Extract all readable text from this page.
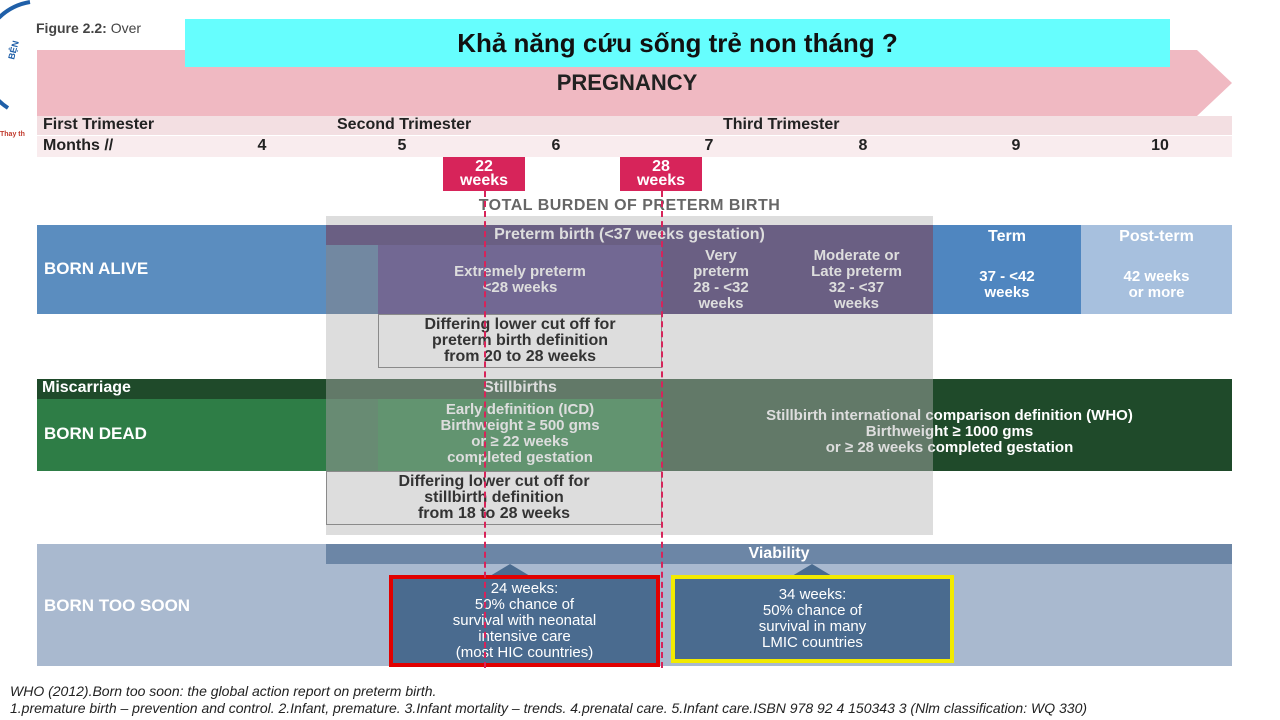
BỆN
Thay th
Figure 2.2: Over
PREGNANCY
Khả năng cứu sống trẻ non tháng ?
First Trimester	Second Trimester	Third Trimester
Months //	4	5	6	7	8	9	10
22
weeks
28
weeks
BORN ALIVE	Extremely preterm
<28 weeks
Very
preterm
28 - <32
weeks
Moderate or
Late preterm
32 - <37
weeks
Preterm birth (<37 weeks gestation)	Term
37 - <42
weeks
Post-term
42 weeks
or more
Miscarriage	Stillbirths
BORN DEAD
Early definition (ICD)
Birthweight ≥ 500 gms
or ≥ 22 weeks
completed gestation
Stillbirth international comparison definition (WHO)
Birthweight ≥ 1000 gms
or ≥ 28 weeks completed gestation
TOTAL BURDEN OF PRETERM BIRTH
Differing lower cut off for
preterm birth definition
from 20 to 28 weeks
Differing lower cut off for
stillbirth definition
from 18 to 28 weeks
Viability
BORN TOO SOON
24 weeks:
50% chance of
survival with neonatal
intensive care
(most HIC countries)
34 weeks:
50% chance of
survival in many
LMIC countries
WHO (2012).Born too soon: the global action report on preterm birth.
1.premature birth – prevention and control. 2.Infant, premature. 3.Infant mortality – trends. 4.prenatal care. 5.Infant care.ISBN 978 92 4 150343 3 (Nlm classification: WQ 330)
